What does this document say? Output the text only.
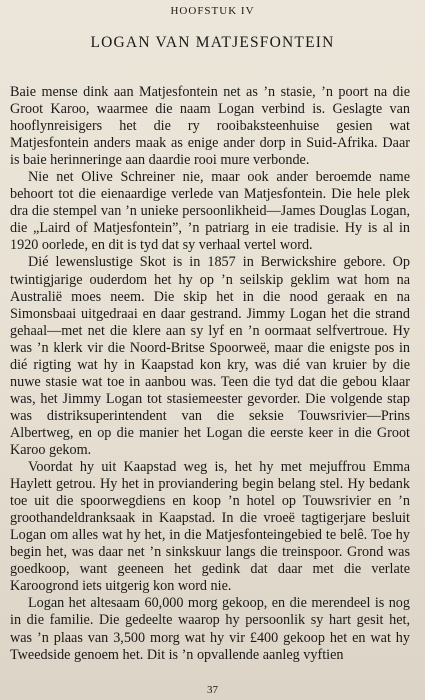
HOOFSTUK IV
LOGAN VAN MATJESFONTEIN

Baie mense dink aan Matjesfontein net as ’n stasie, ’n poort na die Groot Karoo, waarmee die naam Logan verbind is. Geslagte van hooflynreisigers het die ry rooibaksteenhuise gesien wat Matjesfontein anders maak as enige ander dorp in Suid-Afrika. Daar is baie herinneringe aan daardie rooi mure verbonde.

Nie net Olive Schreiner nie, maar ook ander beroemde name behoort tot die eienaardige verlede van Matjesfontein. Die hele plek dra die stempel van ’n unieke persoonlikheid—James Douglas Logan, die „Laird of Matjesfontein”, ’n patriarg in eie tradisie. Hy is al in 1920 oorlede, en dit is tyd dat sy verhaal vertel word.

Dié lewenslustige Skot is in 1857 in Berwickshire gebore. Op twintigjarige ouderdom het hy op ’n seilskip geklim wat hom na Australië moes neem. Die skip het in die nood geraak en na Simonsbaai uitgedraai en daar gestrand. Jimmy Logan het die strand gehaal—met net die klere aan sy lyf en ’n oormaat selfvertroue. Hy was ’n klerk vir die Noord-Britse Spoorweë, maar die enigste pos in dié rigting wat hy in Kaapstad kon kry, was dié van kruier by die nuwe stasie wat toe in aanbou was. Teen die tyd dat die gebou klaar was, het Jimmy Logan tot stasiemeester gevorder. Die volgende stap was distriksuperintendent van die seksie Touwsrivier—Prins Albertweg, en op die manier het Logan die eerste keer in die Groot Karoo gekom.

Voordat hy uit Kaapstad weg is, het hy met mejuffrou Emma Haylett getrou. Hy het in proviandering begin belang stel. Hy bedank toe uit die spoorwegdiens en koop ’n hotel op Touwsrivier en ’n groothandeldranksaak in Kaapstad. In die vroeë tagtigerjare besluit Logan om alles wat hy het, in die Matjesfonteingebied te belê. Toe hy begin het, was daar net ’n sinkskuur langs die treinspoor. Grond was goedkoop, want geeneen het gedink dat daar met die verlate Karoogrond iets uitgerig kon word nie.

Logan het altesaam 60,000 morg gekoop, en die merendeel is nog in die familie. Die gedeelte waarop hy persoonlik sy hart gesit het, was ’n plaas van 3,500 morg wat hy vir £400 gekoop het en wat hy Tweedside genoem het. Dit is ’n opvallende aanleg vyftien

37
